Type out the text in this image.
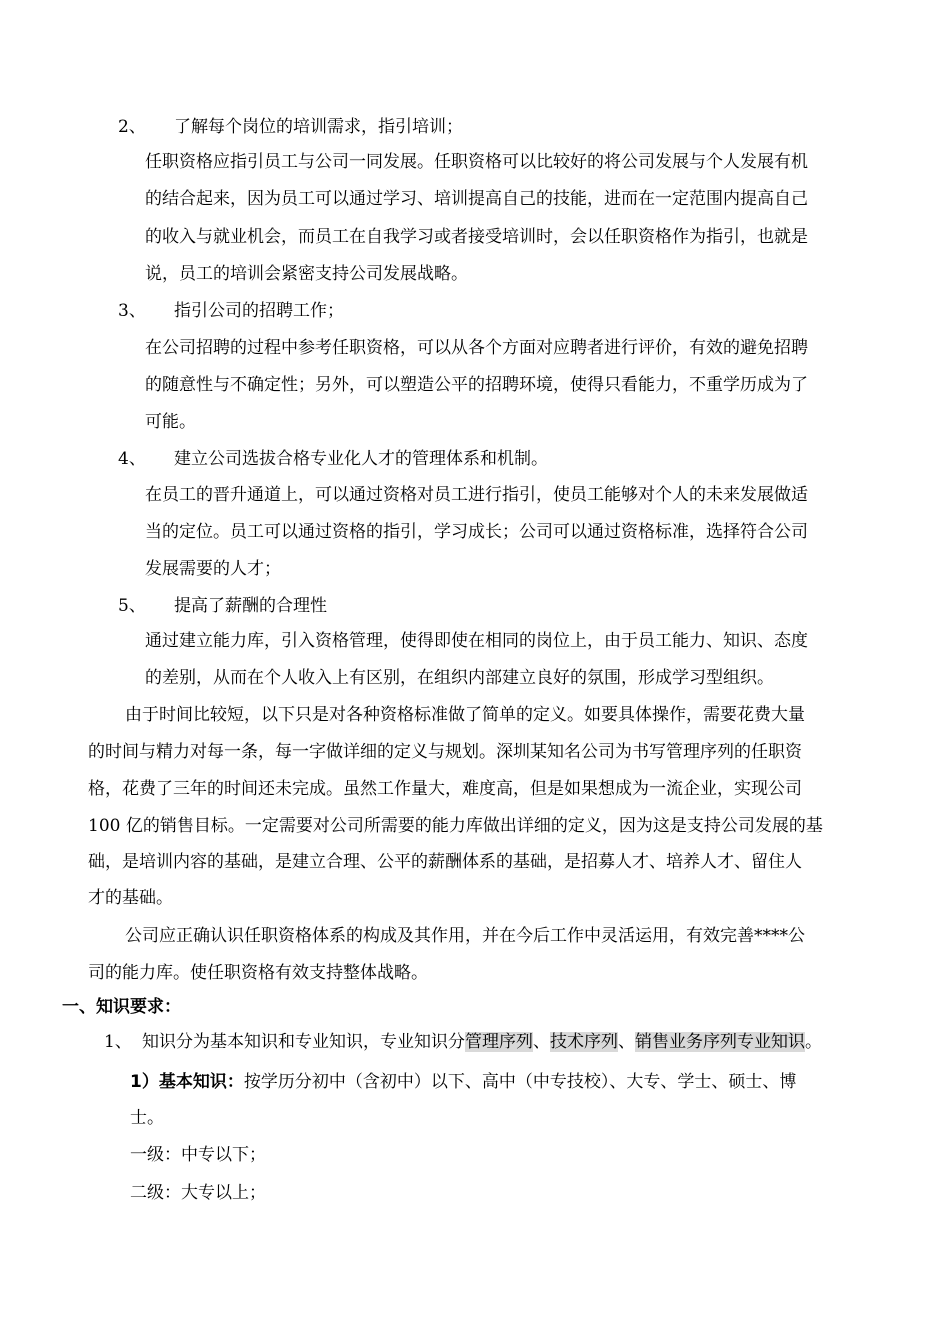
2、 了解每个岗位的培训需求，指引培训；
任职资格应指引员工与公司一同发展。任职资格可以比较好的将公司发展与个人发展有机
的结合起来，因为员工可以通过学习、培训提高自己的技能，进而在一定范围内提高自己
的收入与就业机会，而员工在自我学习或者接受培训时，会以任职资格作为指引，也就是
说，员工的培训会紧密支持公司发展战略。
3、 指引公司的招聘工作；
在公司招聘的过程中参考任职资格，可以从各个方面对应聘者进行评价，有效的避免招聘
的随意性与不确定性；另外，可以塑造公平的招聘环境，使得只看能力，不重学历成为了
可能。
4、 建立公司选拔合格专业化人才的管理体系和机制。
在员工的晋升通道上，可以通过资格对员工进行指引，使员工能够对个人的未来发展做适
当的定位。员工可以通过资格的指引，学习成长；公司可以通过资格标准，选择符合公司
发展需要的人才；
5、 提高了薪酬的合理性
通过建立能力库，引入资格管理，使得即使在相同的岗位上，由于员工能力、知识、态度
的差别，从而在个人收入上有区别，在组织内部建立良好的氛围，形成学习型组织。
由于时间比较短，以下只是对各种资格标准做了简单的定义。如要具体操作，需要花费大量
的时间与精力对每一条，每一字做详细的定义与规划。深圳某知名公司为书写管理序列的任职资
格，花费了三年的时间还未完成。虽然工作量大，难度高，但是如果想成为一流企业，实现公司
100 亿的销售目标。一定需要对公司所需要的能力库做出详细的定义，因为这是支持公司发展的基
础，是培训内容的基础，是建立合理、公平的薪酬体系的基础，是招募人才、培养人才、留住人
才的基础。
公司应正确认识任职资格体系的构成及其作用，并在今后工作中灵活运用，有效完善****公
司的能力库。使任职资格有效支持整体战略。
一、知识要求：
1、 知识分为基本知识和专业知识，专业知识分管理序列、技术序列、销售业务序列专业知识。
1）基本知识：按学历分初中（含初中）以下、高中（中专技校）、大专、学士、硕士、博
士。
一级：中专以下；
二级：大专以上；
